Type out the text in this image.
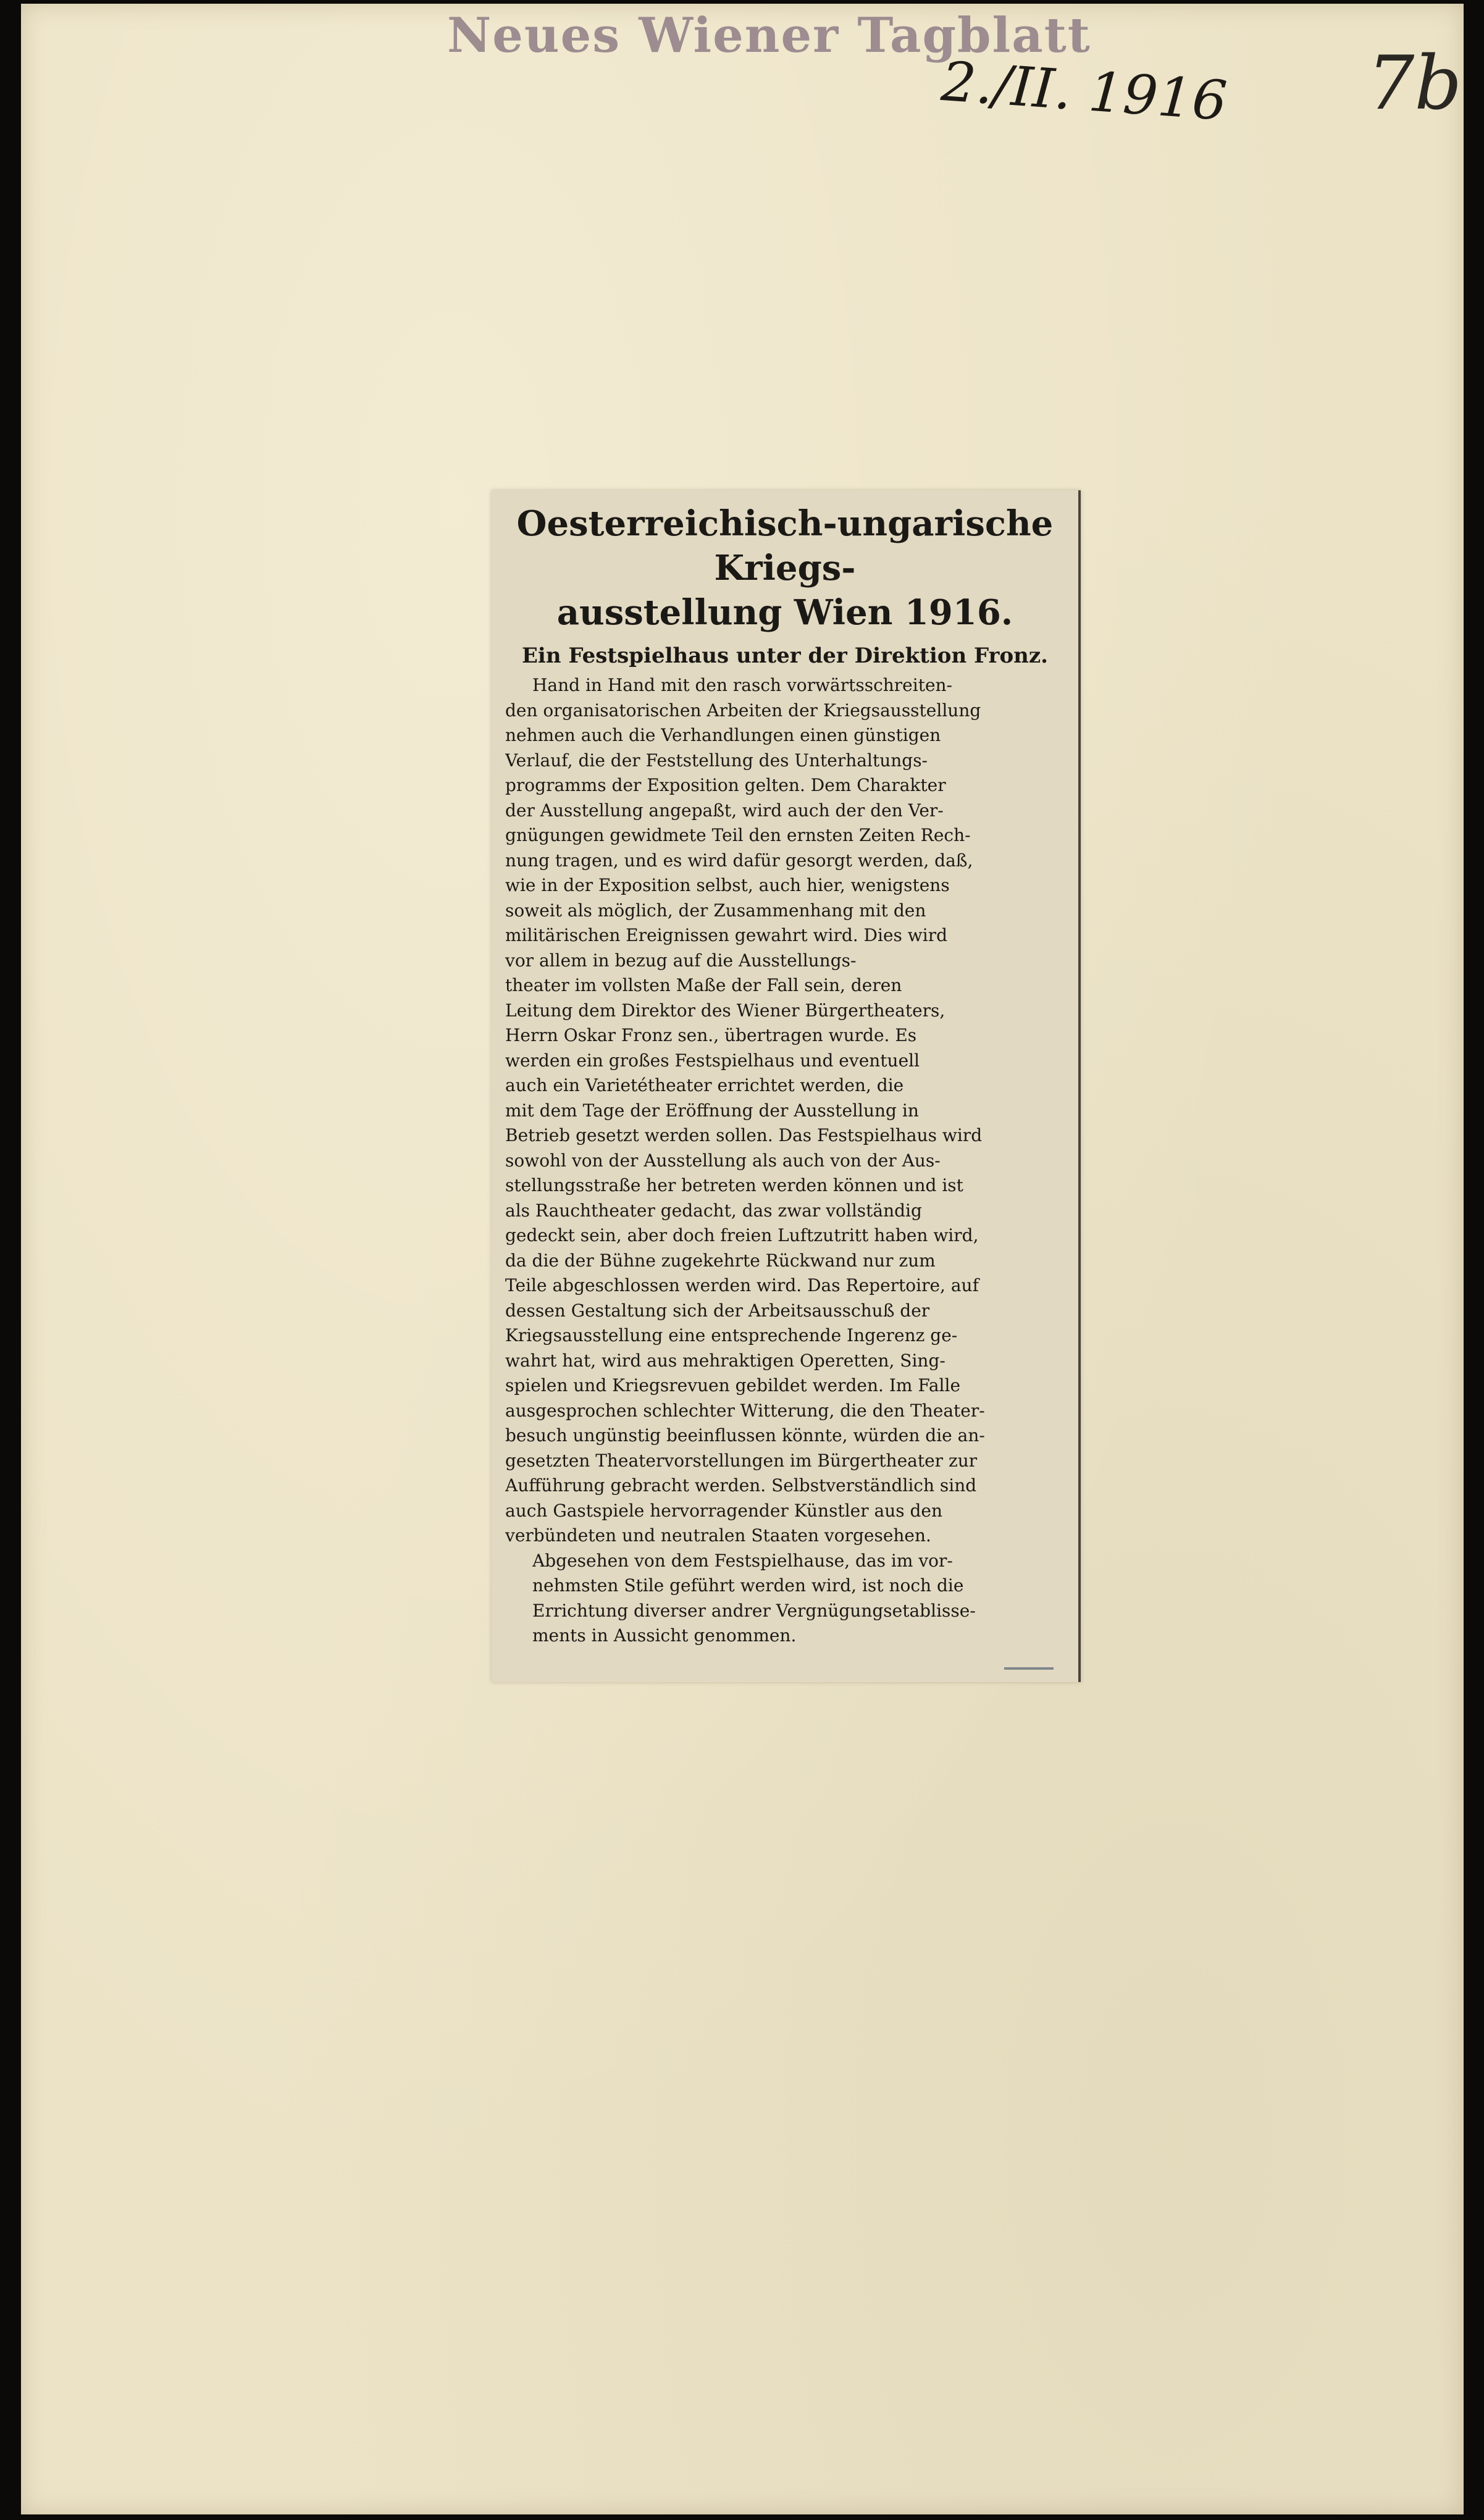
Neues Wiener Tagblatt
2./II. 1916 7b

Oesterreichisch-ungarische Kriegs-
ausstellung Wien 1916.

Ein Festspielhaus unter der Direktion Fronz.

Hand in Hand mit den rasch vorwärtsschreiten-
den organisatorischen Arbeiten der Kriegsausstellung
nehmen auch die Verhandlungen einen günstigen
Verlauf, die der Feststellung des Unterhaltungs-
programms der Exposition gelten. Dem Charakter
der Ausstellung angepaßt, wird auch der den Ver-
gnügungen gewidmete Teil den ernsten Zeiten Rech-
nung tragen, und es wird dafür gesorgt werden, daß,
wie in der Exposition selbst, auch hier, wenigstens
soweit als möglich, der Zusammenhang mit den
militärischen Ereignissen gewahrt wird. Dies wird
vor allem in bezug auf die Ausstellungs-
theater im vollsten Maße der Fall sein, deren
Leitung dem Direktor des Wiener Bürgertheaters,
Herrn Oskar Fronz sen., übertragen wurde. Es
werden ein großes Festspielhaus und eventuell
auch ein Varietétheater errichtet werden, die
mit dem Tage der Eröffnung der Ausstellung in
Betrieb gesetzt werden sollen. Das Festspielhaus wird
sowohl von der Ausstellung als auch von der Aus-
stellungsstraße her betreten werden können und ist
als Rauchtheater gedacht, das zwar vollständig
gedeckt sein, aber doch freien Luftzutritt haben wird,
da die der Bühne zugekehrte Rückwand nur zum
Teile abgeschlossen werden wird. Das Repertoire, auf
dessen Gestaltung sich der Arbeitsausschuß der
Kriegsausstellung eine entsprechende Ingerenz ge-
wahrt hat, wird aus mehraktigen Operetten, Sing-
spielen und Kriegsrevuen gebildet werden. Im Falle
ausgesprochen schlechter Witterung, die den Theater-
besuch ungünstig beeinflussen könnte, würden die an-
gesetzten Theatervorstellungen im Bürgertheater zur
Aufführung gebracht werden. Selbstverständlich sind
auch Gastspiele hervorragender Künstler aus den
verbündeten und neutralen Staaten vorgesehen.
Abgesehen von dem Festspielhause, das im vor-
nehmsten Stile geführt werden wird, ist noch die
Errichtung diverser andrer Vergnügungsetablisse-
ments in Aussicht genommen.
